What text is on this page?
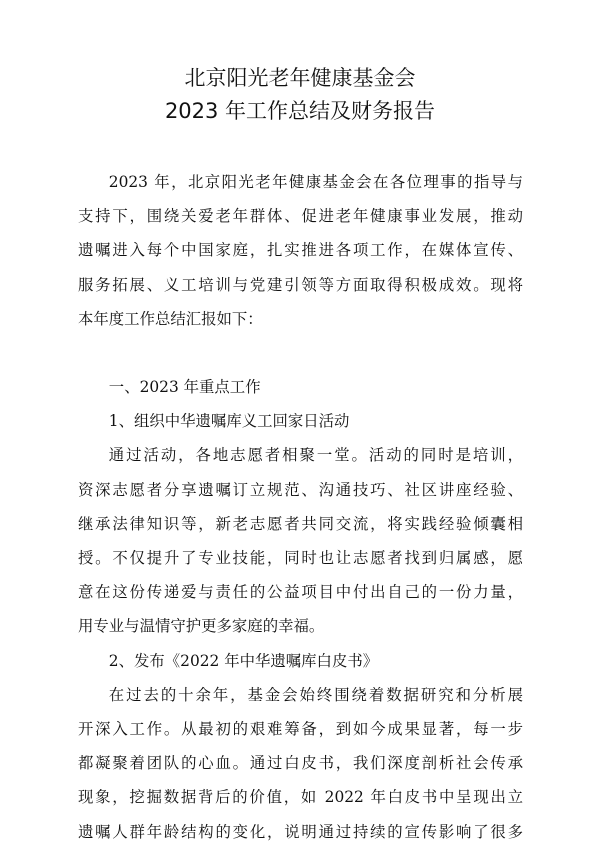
北京阳光老年健康基金会
2023 年工作总结及财务报告
2023 年，北京阳光老年健康基金会在各位理事的指导与
支持下，围绕关爱老年群体、促进老年健康事业发展，推动
遗嘱进入每个中国家庭，扎实推进各项工作，在媒体宣传、
服务拓展、义工培训与党建引领等方面取得积极成效。现将
本年度工作总结汇报如下：
一、2023 年重点工作
1、组织中华遗嘱库义工回家日活动
通过活动，各地志愿者相聚一堂。活动的同时是培训，
资深志愿者分享遗嘱订立规范、沟通技巧、社区讲座经验、
继承法律知识等，新老志愿者共同交流，将实践经验倾囊相
授。不仅提升了专业技能，同时也让志愿者找到归属感，愿
意在这份传递爱与责任的公益项目中付出自己的一份力量，
用专业与温情守护更多家庭的幸福。
2、发布《2022 年中华遗嘱库白皮书》
在过去的十余年，基金会始终围绕着数据研究和分析展
开深入工作。从最初的艰难筹备，到如今成果显著，每一步
都凝聚着团队的心血。通过白皮书，我们深度剖析社会传承
现象，挖掘数据背后的价值，如 2022 年白皮书中呈现出立
遗嘱人群年龄结构的变化，说明通过持续的宣传影响了很多
